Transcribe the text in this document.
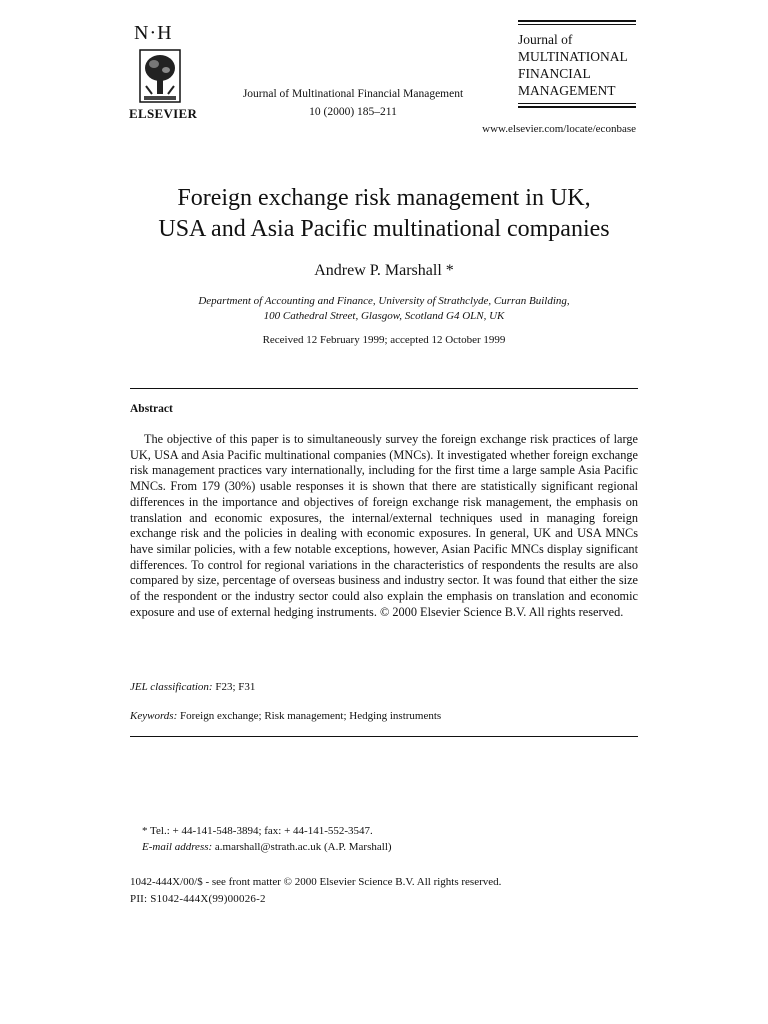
N·H
ELSEVIER
Journal of Multinational Financial Management
10 (2000) 185–211
Journal of
MULTINATIONAL
FINANCIAL
MANAGEMENT
www.elsevier.com/locate/econbase
Foreign exchange risk management in UK,
USA and Asia Pacific multinational companies
Andrew P. Marshall *
Department of Accounting and Finance, University of Strathclyde, Curran Building,
100 Cathedral Street, Glasgow, Scotland G4 OLN, UK
Received 12 February 1999; accepted 12 October 1999
Abstract

The objective of this paper is to simultaneously survey the foreign exchange risk practices of large UK, USA and Asia Pacific multinational companies (MNCs). It investigated whether foreign exchange risk management practices vary internationally, including for the first time a large sample Asia Pacific MNCs. From 179 (30%) usable responses it is shown that there are statistically significant regional differences in the importance and objectives of foreign exchange risk management, the emphasis on translation and economic exposures, the internal/external techniques used in managing foreign exchange risk and the policies in dealing with economic exposures. In general, UK and USA MNCs have similar policies, with a few notable exceptions, however, Asian Pacific MNCs display significant differences. To control for regional variations in the characteristics of respondents the results are also compared by size, percentage of overseas business and industry sector. It was found that either the size of the respondent or the industry sector could also explain the emphasis on translation and economic exposure and use of external hedging instruments. © 2000 Elsevier Science B.V. All rights reserved.

JEL classification: F23; F31
Keywords: Foreign exchange; Risk management; Hedging instruments
* Tel.: + 44-141-548-3894; fax: + 44-141-552-3547.
E-mail address: a.marshall@strath.ac.uk (A.P. Marshall)
1042-444X/00/$ - see front matter © 2000 Elsevier Science B.V. All rights reserved.
PII: S1042-444X(99)00026-2
